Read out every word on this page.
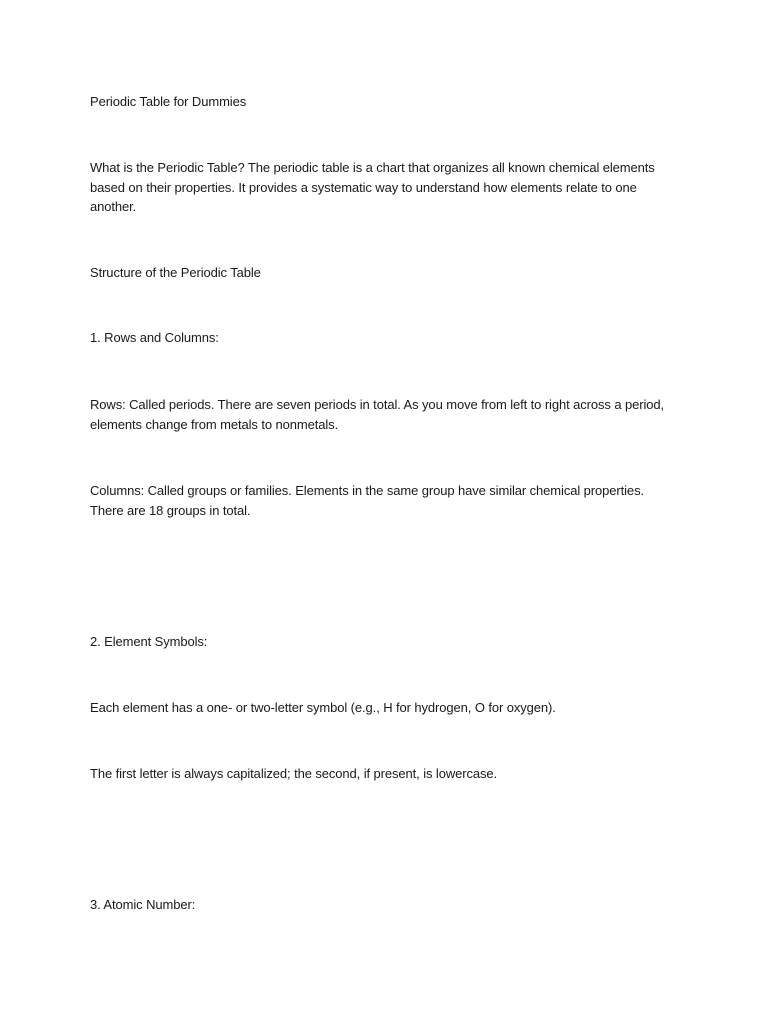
Periodic Table for Dummies

What is the Periodic Table? The periodic table is a chart that organizes all known chemical elements based on their properties. It provides a systematic way to understand how elements relate to one another.

Structure of the Periodic Table

1. Rows and Columns:

Rows: Called periods. There are seven periods in total. As you move from left to right across a period, elements change from metals to nonmetals.

Columns: Called groups or families. Elements in the same group have similar chemical properties. There are 18 groups in total.

2. Element Symbols:

Each element has a one- or two-letter symbol (e.g., H for hydrogen, O for oxygen).

The first letter is always capitalized; the second, if present, is lowercase.

3. Atomic Number:
